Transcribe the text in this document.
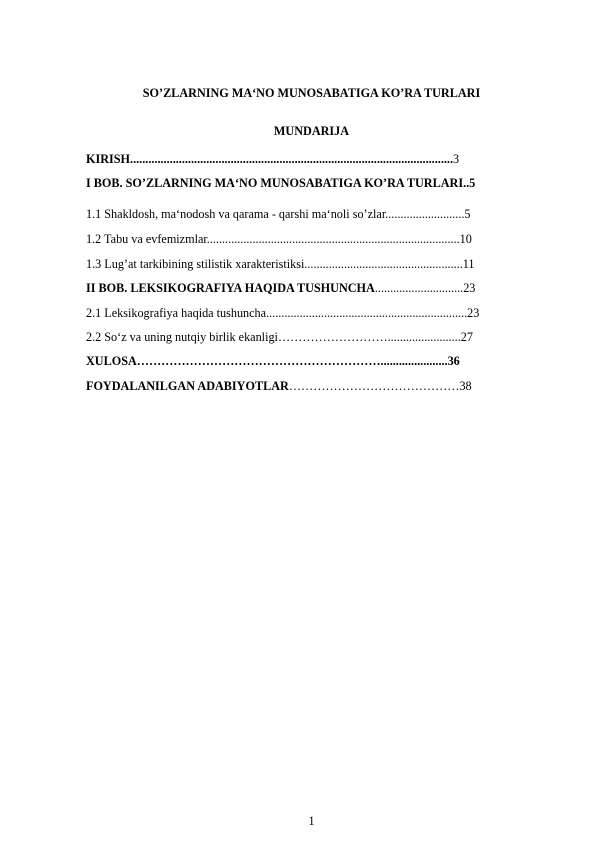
SO’ZLARNING MA‘NO MUNOSABATIGA KO’RA TURLARI
MUNDARIJA
KIRISH..........................................................................................................3
I BOB. SO’ZLARNING MA‘NO MUNOSABATIGA KO’RA TURLARI..5
1.1 Shakldosh, ma‘nodosh va qarama - qarshi ma‘noli so’zlar..........................5
1.2 Tabu va evfemizmlar...................................................................................10
1.3 Lug’at tarkibining stilistik xarakteristiksi....................................................11
II BOB. LEKSIKOGRAFIYA HAQIDA TUSHUNCHA.............................23
2.1 Leksikografiya haqida tushuncha..................................................................23
2.2 So‘z va uning nutqiy birlik ekanligi………………………........................27
XULOSA……………………………………………………......................36
FOYDALANILGAN ADABIYOTLAR……………………………………38
1
